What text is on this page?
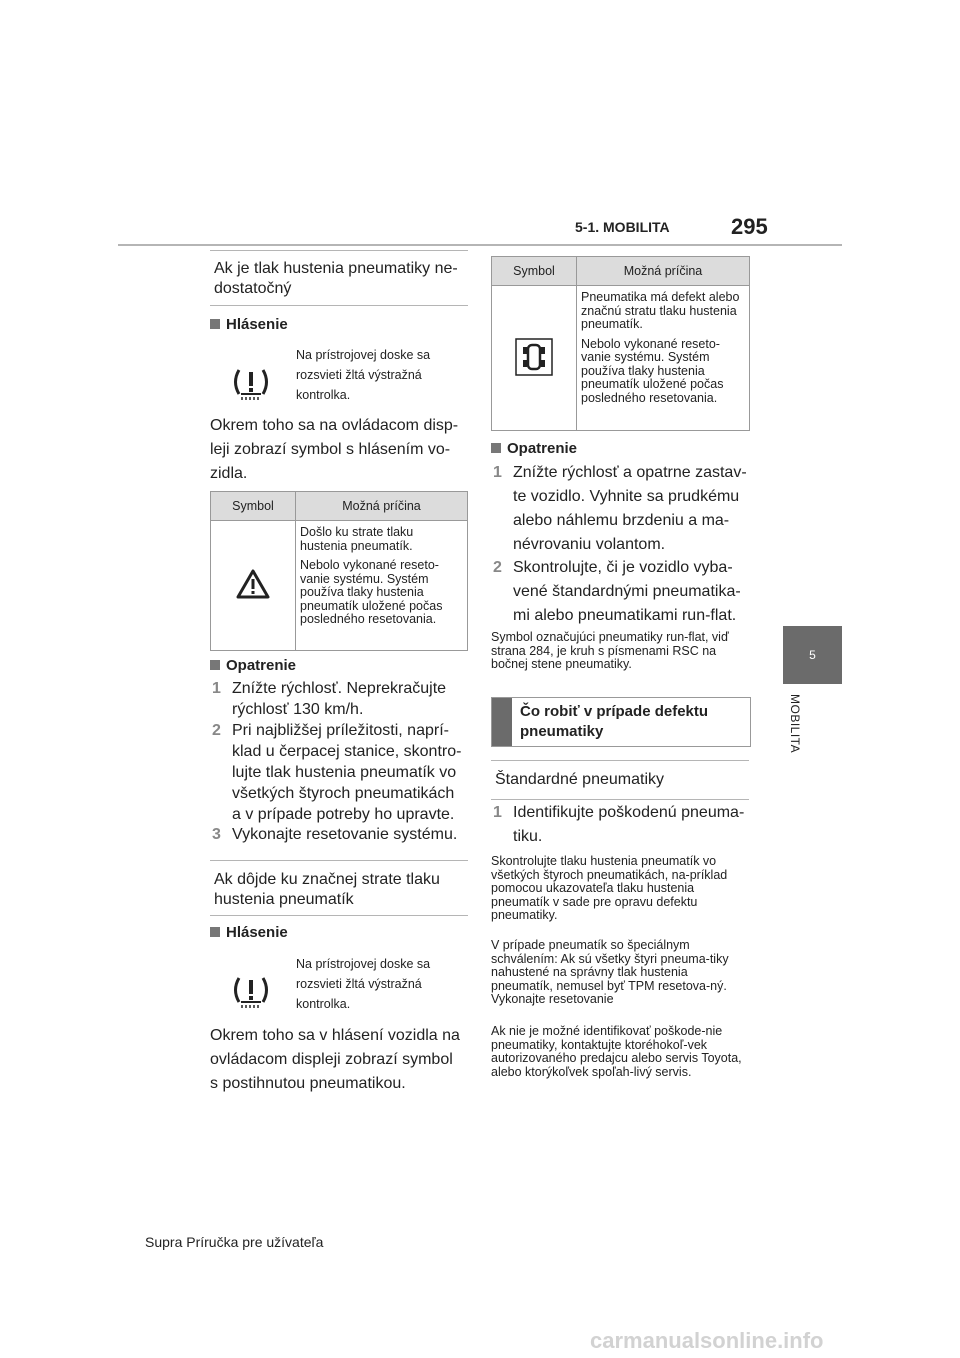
5-1. MOBILITA	295
5
MOBILITA
Ak je tlak hustenia pneumatiky ne-
dostatočný
Hlásenie
Na prístrojovej doske sa
rozsvieti žltá výstražná
kontrolka.
Okrem toho sa na ovládacom disp-
leji zobrazí symbol s hlásením vo-
zidla.
Symbol	Možná príčina

Došlo ku strate tlaku hustenia pneumatík.

Nebolo vykonané reseto-vanie systému. Systém používa tlaky hustenia pneumatík uložené počas posledného resetovania.

Opatrenie
1 Znížte rýchlosť. Neprekračujte
rýchlosť 130 km/h.
2 Pri najbližšej príležitosti, naprí-
klad u čerpacej stanice, skontro-
lujte tlak hustenia pneumatík vo
všetkých štyroch pneumatikách
a v prípade potreby ho upravte.
3 Vykonajte resetovanie systému.
Ak dôjde ku značnej strate tlaku
hustenia pneumatík
Hlásenie
Na prístrojovej doske sa
rozsvieti žltá výstražná
kontrolka.
Okrem toho sa v hlásení vozidla na
ovládacom displeji zobrazí symbol
s postihnutou pneumatikou.
Symbol	Možná príčina

Pneumatika má defekt alebo značnú stratu tlaku hustenia pneumatík.

Nebolo vykonané reseto-vanie systému. Systém používa tlaky hustenia pneumatík uložené počas posledného resetovania.

Opatrenie
1 Znížte rýchlosť a opatrne zastav-
te vozidlo. Vyhnite sa prudkému
alebo náhlemu brzdeniu a ma-
névrovaniu volantom.
2 Skontrolujte, či je vozidlo vyba-
vené štandardnými pneumatika-
mi alebo pneumatikami run-flat.
Symbol označujúci pneumatiky run-flat, viď strana 284, je kruh s písmenami RSC na bočnej stene pneumatiky.
Čo robiť v prípade defektu
pneumatiky
Štandardné pneumatiky
1 Identifikujte poškodenú pneuma-
tiku.
Skontrolujte tlaku hustenia pneumatík vo všetkých štyroch pneumatikách, na-príklad pomocou ukazovateľa tlaku hustenia pneumatík v sade pre opravu defektu pneumatiky.
V prípade pneumatík so špeciálnym schválením: Ak sú všetky štyri pneuma-tiky nahustené na správny tlak hustenia pneumatík, nemusel byť TPM resetova-ný. Vykonajte resetovanie
Ak nie je možné identifikovať poškode-nie pneumatiky, kontaktujte ktoréhokoľ-vek autorizovaného predajcu alebo servis Toyota, alebo ktorýkoľvek spoľah-livý servis.
Supra Príručka pre užívateľa
carmanualsonline.info
